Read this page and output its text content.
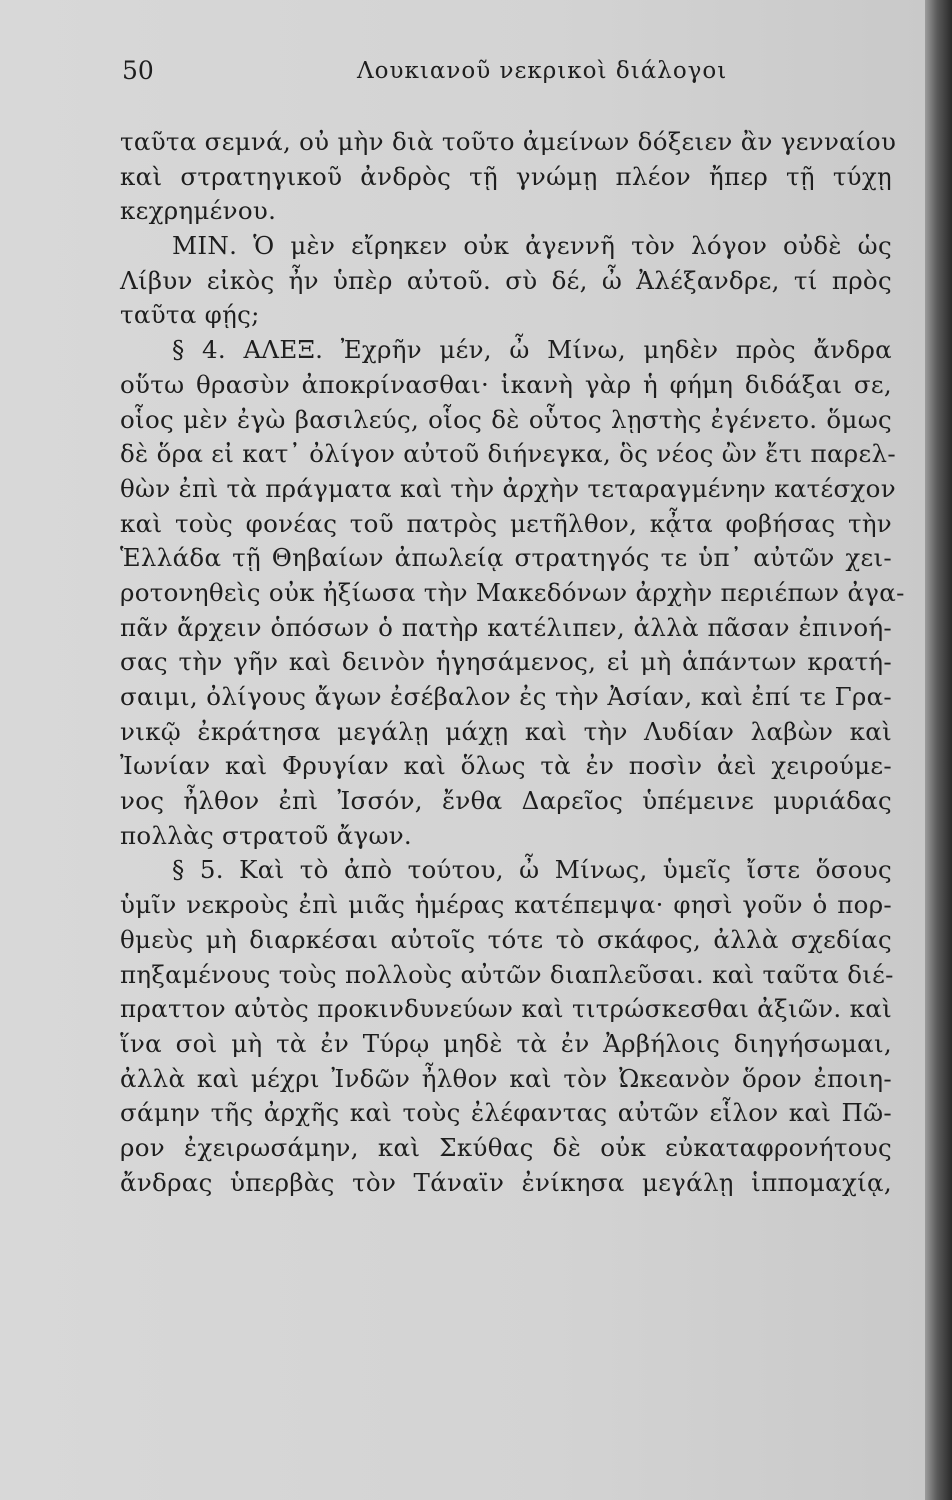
50	Λουκιανοῦ νεκρικοὶ διάλογοι
ταῦτα σεμνά, οὐ μὴν διὰ τοῦτο ἀμείνων δόξειεν ἂν γενναίου
καὶ στρατηγικοῦ ἀνδρὸς τῇ γνώμῃ πλέον ἤπερ τῇ τύχῃ
κεχρημένου.
ΜΙΝ. Ὁ μὲν εἴρηκεν οὐκ ἀγεννῆ τὸν λόγον οὐδὲ ὡς
Λίβυν εἰκὸς ἦν ὑπὲρ αὐτοῦ. σὺ δέ, ὦ Ἀλέξανδρε, τί πρὸς
ταῦτα φῄς;
§ 4. ΑΛΕΞ. Ἐχρῆν μέν, ὦ Μίνω, μηδὲν πρὸς ἄνδρα
οὕτω θρασὺν ἀποκρίνασθαι· ἱκανὴ γὰρ ἡ φήμη διδάξαι σε,
οἷος μὲν ἐγὼ βασιλεύς, οἷος δὲ οὗτος λῃστὴς ἐγένετο. ὅμως
δὲ ὅρα εἰ κατ᾽ ὀλίγον αὐτοῦ διήνεγκα, ὃς νέος ὢν ἔτι παρελ-
θὼν ἐπὶ τὰ πράγματα καὶ τὴν ἀρχὴν τεταραγμένην κατέσχον
καὶ τοὺς φονέας τοῦ πατρὸς μετῆλθον, κᾆτα φοβήσας τὴν
Ἑλλάδα τῇ Θηβαίων ἀπωλείᾳ στρατηγός τε ὑπ᾽ αὐτῶν χει-
ροτονηθεὶς οὐκ ἠξίωσα τὴν Μακεδόνων ἀρχὴν περιέπων ἀγα-
πᾶν ἄρχειν ὁπόσων ὁ πατὴρ κατέλιπεν, ἀλλὰ πᾶσαν ἐπινοή-
σας τὴν γῆν καὶ δεινὸν ἡγησάμενος, εἰ μὴ ἁπάντων κρατή-
σαιμι, ὀλίγους ἄγων ἐσέβαλον ἐς τὴν Ἀσίαν, καὶ ἐπί τε Γρα-
νικῷ ἐκράτησα μεγάλῃ μάχῃ καὶ τὴν Λυδίαν λαβὼν καὶ
Ἰωνίαν καὶ Φρυγίαν καὶ ὅλως τὰ ἐν ποσὶν ἀεὶ χειρούμε-
νος ἦλθον ἐπὶ Ἰσσόν, ἔνθα Δαρεῖος ὑπέμεινε μυριάδας
πολλὰς στρατοῦ ἄγων.
§ 5. Καὶ τὸ ἀπὸ τούτου, ὦ Μίνως, ὑμεῖς ἴστε ὅσους
ὑμῖν νεκροὺς ἐπὶ μιᾶς ἡμέρας κατέπεμψα· φησὶ γοῦν ὁ πορ-
θμεὺς μὴ διαρκέσαι αὐτοῖς τότε τὸ σκάφος, ἀλλὰ σχεδίας
πηξαμένους τοὺς πολλοὺς αὐτῶν διαπλεῦσαι. καὶ ταῦτα διέ-
πραττον αὐτὸς προκινδυνεύων καὶ τιτρώσκεσθαι ἀξιῶν. καὶ
ἵνα σοὶ μὴ τὰ ἐν Τύρῳ μηδὲ τὰ ἐν Ἀρβήλοις διηγήσωμαι,
ἀλλὰ καὶ μέχρι Ἰνδῶν ἦλθον καὶ τὸν Ὠκεανὸν ὅρον ἐποιη-
σάμην τῆς ἀρχῆς καὶ τοὺς ἐλέφαντας αὐτῶν εἷλον καὶ Πῶ-
ρον ἐχειρωσάμην, καὶ Σκύθας δὲ οὐκ εὐκαταφρονήτους
ἄνδρας ὑπερβὰς τὸν Τάναϊν ἐνίκησα μεγάλῃ ἱππομαχίᾳ,
